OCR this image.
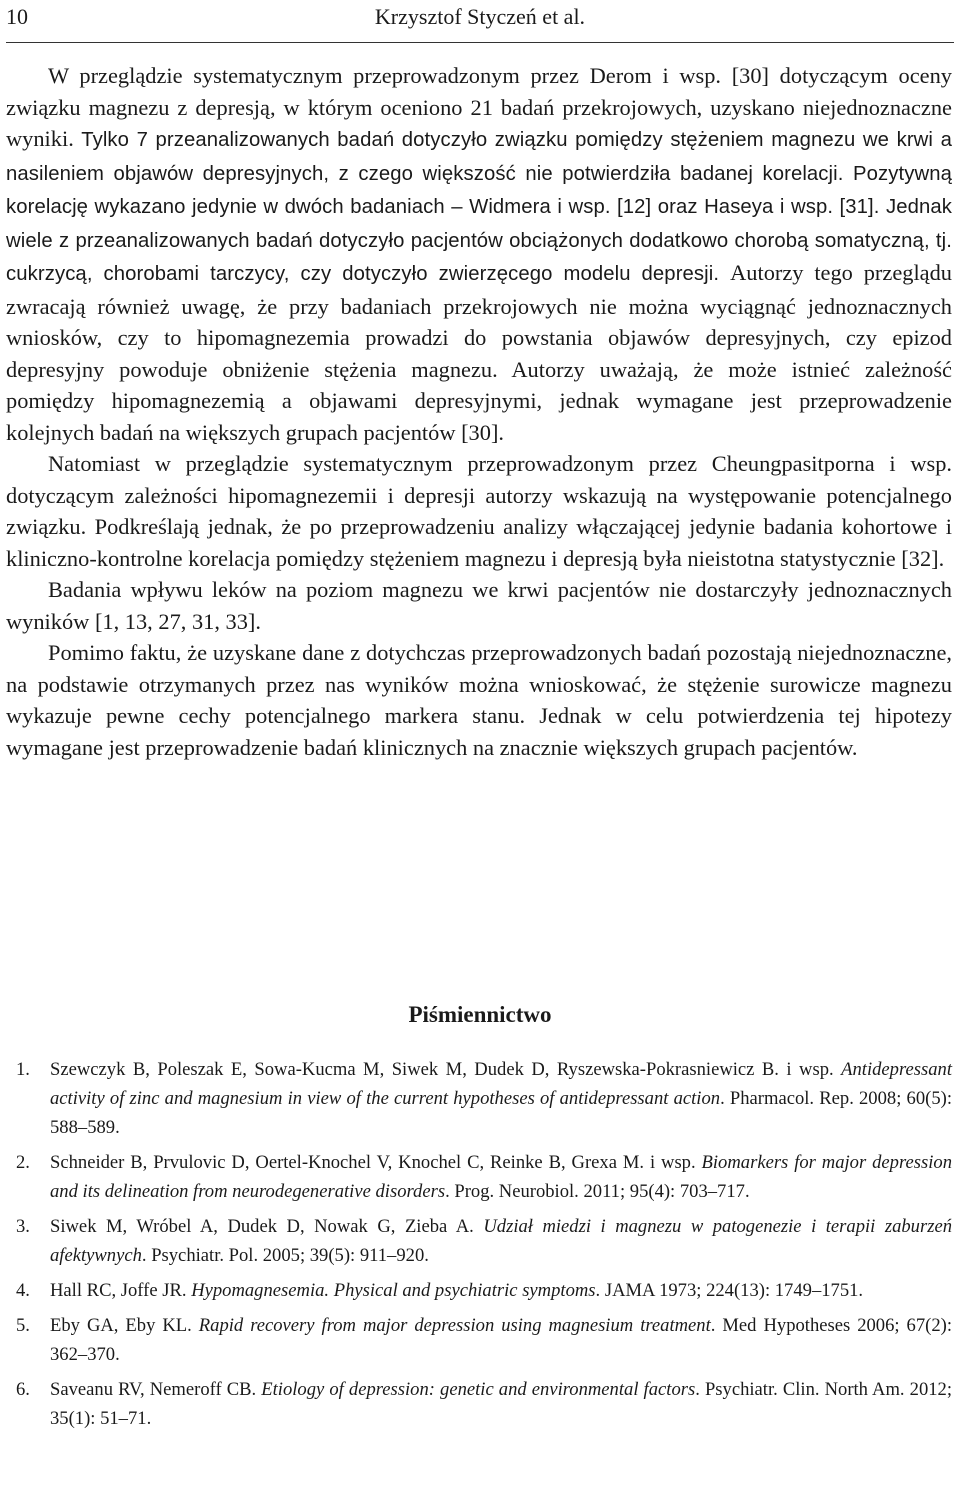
10	Krzysztof Styczeń et al.

W przeglądzie systematycznym przeprowadzonym przez Derom i wsp. [30] dotyczącym oceny związku magnezu z depresją, w którym oceniono 21 badań przekrojowych, uzyskano niejednoznaczne wyniki. Tylko 7 przeanalizowanych badań dotyczyło związku pomiędzy stężeniem magnezu we krwi a nasileniem objawów depresyjnych, z czego większość nie potwierdziła badanej korelacji. Pozytywną korelację wykazano jedynie w dwóch badaniach – Widmera i wsp. [12] oraz Haseya i wsp. [31]. Jednak wiele z przeanalizowanych badań dotyczyło pacjentów obciążonych dodatkowo chorobą somatyczną, tj. cukrzycą, chorobami tarczycy, czy dotyczyło zwierzęcego modelu depresji. Autorzy tego przeglądu zwracają również uwagę, że przy badaniach przekrojowych nie można wyciągnąć jednoznacznych wniosków, czy to hipomagnezemia prowadzi do powstania objawów depresyjnych, czy epizod depresyjny powoduje obniżenie stężenia magnezu. Autorzy uważają, że może istnieć zależność pomiędzy hipomagnezemią a objawami depresyjnymi, jednak wymagane jest przeprowadzenie kolejnych badań na większych grupach pacjentów [30].

Natomiast w przeglądzie systematycznym przeprowadzonym przez Cheungpasitporna i wsp. dotyczącym zależności hipomagnezemii i depresji autorzy wskazują na występowanie potencjalnego związku. Podkreślają jednak, że po przeprowadzeniu analizy włączającej jedynie badania kohortowe i kliniczno-kontrolne korelacja pomiędzy stężeniem magnezu i depresją była nieistotna statystycznie [32].

Badania wpływu leków na poziom magnezu we krwi pacjentów nie dostarczyły jednoznacznych wyników [1, 13, 27, 31, 33].

Pomimo faktu, że uzyskane dane z dotychczas przeprowadzonych badań pozostają niejednoznaczne, na podstawie otrzymanych przez nas wyników można wnioskować, że stężenie surowicze magnezu wykazuje pewne cechy potencjalnego markera stanu. Jednak w celu potwierdzenia tej hipotezy wymagane jest przeprowadzenie badań klinicznych na znacznie większych grupach pacjentów.

Piśmiennictwo
1. Szewczyk B, Poleszak E, Sowa-Kucma M, Siwek M, Dudek D, Ryszewska-Pokrasniewicz B. i wsp. Antidepressant activity of zinc and magnesium in view of the current hypotheses of antidepressant action. Pharmacol. Rep. 2008; 60(5): 588–589.
2. Schneider B, Prvulovic D, Oertel-Knochel V, Knochel C, Reinke B, Grexa M. i wsp. Biomarkers for major depression and its delineation from neurodegenerative disorders. Prog. Neurobiol. 2011; 95(4): 703–717.
3. Siwek M, Wróbel A, Dudek D, Nowak G, Zieba A. Udział miedzi i magnezu w patogenezie i terapii zaburzeń afektywnych. Psychiatr. Pol. 2005; 39(5): 911–920.
4. Hall RC, Joffe JR. Hypomagnesemia. Physical and psychiatric symptoms. JAMA 1973; 224(13): 1749–1751.
5. Eby GA, Eby KL. Rapid recovery from major depression using magnesium treatment. Med Hypotheses 2006; 67(2): 362–370.
6. Saveanu RV, Nemeroff CB. Etiology of depression: genetic and environmental factors. Psychiatr. Clin. North Am. 2012; 35(1): 51–71.
